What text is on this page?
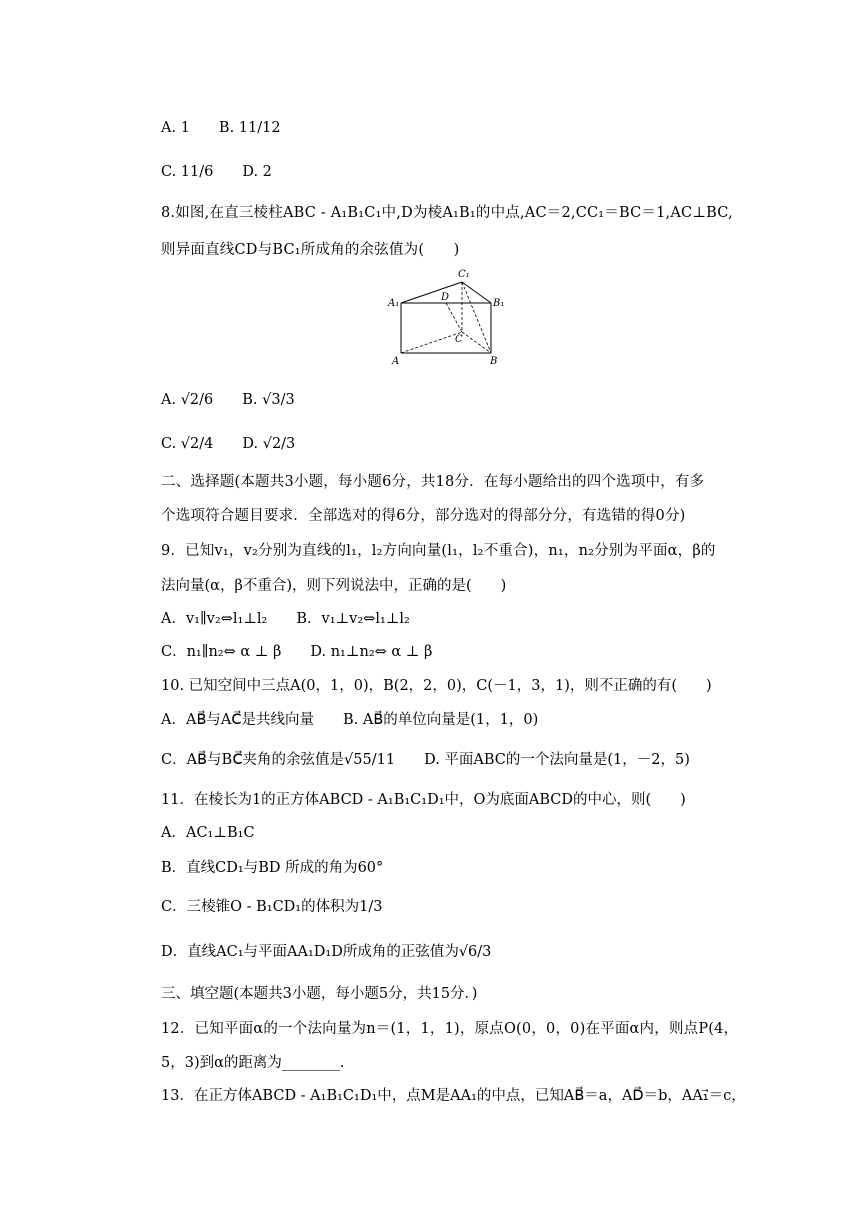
A. 1　　B. 11/12
C. 11/6　　D. 2
8.如图,在直三棱柱ABC - A₁B₁C₁中,D为棱A₁B₁的中点,AC＝2,CC₁＝BC＝1,AC⊥BC,
则异面直线CD与BC₁所成角的余弦值为(　　)
A₁	B₁
C₁
D
C
A	B
A. √2/6　　B. √3/3
C. √2/4　　D. √2/3
二、选择题(本题共3小题，每小题6分，共18分．在每小题给出的四个选项中，有多
个选项符合题目要求．全部选对的得6分，部分选对的得部分分，有选错的得0分)
9．已知v₁，v₂分别为直线的l₁，l₂方向向量(l₁，l₂不重合)，n₁，n₂分别为平面α，β的
法向量(α，β不重合)，则下列说法中，正确的是(　　)
A．v₁∥v₂⇔l₁⊥l₂　　B．v₁⊥v₂⇔l₁⊥l₂
C．n₁∥n₂⇔ α ⊥ β　　D. n₁⊥n₂⇔ α ⊥ β
10. 已知空间中三点A(0，1，0)，B(2，2，0)，C(－1，3，1)，则不正确的有(　　)
A．AB⃗与AC⃗是共线向量　　B. AB⃗的单位向量是(1，1，0)
C．AB⃗与BC⃗夹角的余弦值是√55/11　　D. 平面ABC的一个法向量是(1，－2，5)
11．在棱长为1的正方体ABCD - A₁B₁C₁D₁中，O为底面ABCD的中心，则(　　)
A．AC₁⊥B₁C
B．直线CD₁与BD 所成的角为60°
C．三棱锥O - B₁CD₁的体积为1/3
D．直线AC₁与平面AA₁D₁D所成角的正弦值为√6/3
三、填空题(本题共3小题，每小题5分，共15分．)
12．已知平面α的一个法向量为n＝(1，1，1)，原点O(0，0，0)在平面α内，则点P(4，
5，3)到α的距离为________.
13．在正方体ABCD - A₁B₁C₁D₁中，点M是AA₁的中点，已知AB⃗＝a，AD⃗＝b，AA₁⃗＝c，
